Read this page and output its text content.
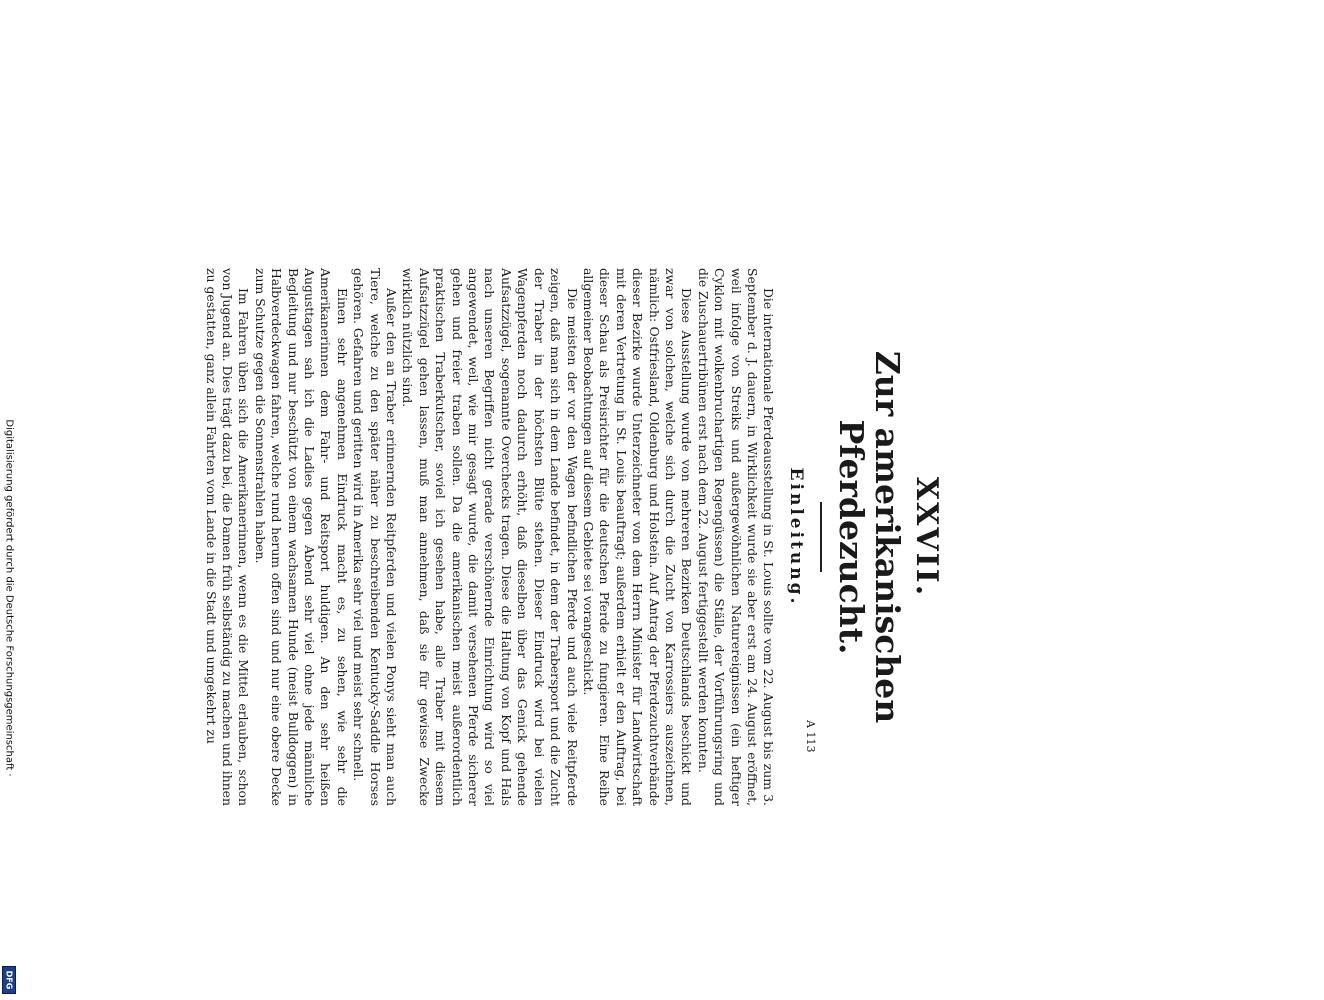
Digitalisierung gefördert durch die Deutsche Forschungsgemeinschaft ·
DFG
XXVII.
Zur amerikanischen Pferdezucht.
Einleitung.

Die internationale Pferdeausstellung in St. Louis sollte vom 22. August bis zum 3. September d. J. dauern, in Wirklichkeit wurde sie aber erst am 24. August eröffnet, weil infolge von Streiks und außergewöhnlichen Naturereignissen (ein heftiger Cyklon mit wolkenbruchartigen Regengüssen) die Ställe, der Vorführungsring und die Zuschauertribünen erst nach dem 22. August fertiggestellt werden konnten.

Diese Ausstellung wurde von mehreren Bezirken Deutschlands beschickt und zwar von solchen, welche sich durch die Zucht von Karrossiers auszeichnen, nämlich: Ostfriesland, Oldenburg und Holstein. Auf Antrag der Pferdezuchtverbände dieser Bezirke wurde Unterzeichneter von dem Herrn Minister für Landwirtschaft mit deren Vertretung in St. Louis beauftragt; außerdem erhielt er den Auftrag, bei dieser Schau als Preisrichter für die deutschen Pferde zu fungieren. Eine Reihe allgemeiner Beobachtungen auf diesem Gebiete sei vorangeschickt.

Die meisten der vor den Wagen befindlichen Pferde und auch viele Reitpferde zeigen, daß man sich in dem Lande befindet, in dem der Trabersport und die Zucht der Traber in der höchsten Blüte stehen. Dieser Eindruck wird bei vielen Wagenpferden noch dadurch erhöht, daß dieselben über das Genick gehende Aufsatzzügel, sogenannte Overchecks tragen. Diese die Haltung von Kopf und Hals nach unseren Begriffen nicht gerade verschönernde Einrichtung wird so viel angewendet, weil, wie mir gesagt wurde, die damit versehenen Pferde sicherer gehen und freier traben sollen. Da die amerikanischen meist außerordentlich praktischen Traberkutscher, soviel ich gesehen habe, alle Traber mit diesem Aufsatzzügel gehen lassen, muß man annehmen, daß sie für gewisse Zwecke wirklich nützlich sind.

Außer den an Traber erinnernden Reitpferden und vielen Ponys sieht man auch Tiere, welche zu den später näher zu beschreibenden Kentucky-Saddle Horses gehören. Gefahren und geritten wird in Amerika sehr viel und meist sehr schnell.

Einen sehr angenehmen Eindruck macht es, zu sehen, wie sehr die Amerikanerinnen dem Fahr- und Reitsport huldigen. An den sehr heißen Augusttagen sah ich die Ladies gegen Abend sehr viel ohne jede männliche Begleitung und nur beschützt von einem wachsamen Hunde (meist Bulldoggen) in Halbverdeckwagen fahren, welche rund herum offen sind und nur eine obere Decke zum Schutze gegen die Sonnenstrahlen haben.

Im Fahren üben sich die Amerikanerinnen, wenn es die Mittel erlauben, schon von Jugend an. Dies trägt dazu bei, die Damen früh selbständig zu machen und ihnen zu gestatten, ganz allein Fahrten vom Lande in die Stadt und umgekehrt zu	A 113
